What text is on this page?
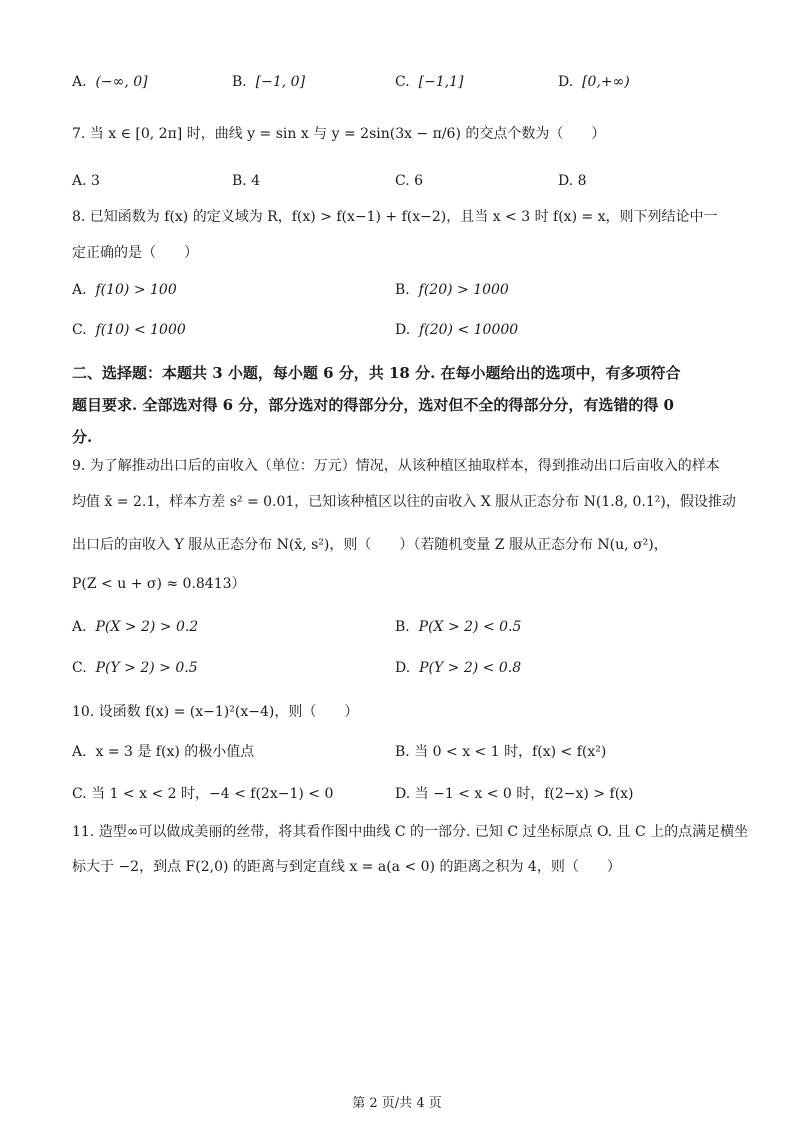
A. (−∞, 0]	B. [−1, 0]	C. [−1,1]	D. [0,+∞)
7. 当 x ∈ [0, 2π] 时，曲线 y = sin x 与 y = 2sin(3x − π/6) 的交点个数为（　　）
A. 3	B. 4	C. 6	D. 8
8. 已知函数为 f(x) 的定义域为 R，f(x) > f(x−1) + f(x−2)，且当 x < 3 时 f(x) = x，则下列结论中一
定正确的是（　　）
A. f(10) > 100	B. f(20) > 1000
C. f(10) < 1000	D. f(20) < 10000
二、选择题：本题共 3 小题，每小题 6 分，共 18 分. 在每小题给出的选项中，有多项符合
题目要求. 全部选对得 6 分，部分选对的得部分分，选对但不全的得部分分，有选错的得 0
分.
9. 为了解推动出口后的亩收入（单位：万元）情况，从该种植区抽取样本，得到推动出口后亩收入的样本
均值 x̄ = 2.1，样本方差 s² = 0.01，已知该种植区以往的亩收入 X 服从正态分布 N(1.8, 0.1²)，假设推动
出口后的亩收入 Y 服从正态分布 N(x̄, s²)，则（　　）（若随机变量 Z 服从正态分布 N(u, σ²)，
P(Z < u + σ) ≈ 0.8413）
A. P(X > 2) > 0.2	B. P(X > 2) < 0.5
C. P(Y > 2) > 0.5	D. P(Y > 2) < 0.8
10. 设函数 f(x) = (x−1)²(x−4)，则（　　）
A. x = 3 是 f(x) 的极小值点	B. 当 0 < x < 1 时，f(x) < f(x²)
C. 当 1 < x < 2 时，−4 < f(2x−1) < 0	D. 当 −1 < x < 0 时，f(2−x) > f(x)
11. 造型∞可以做成美丽的丝带，将其看作图中曲线 C 的一部分. 已知 C 过坐标原点 O. 且 C 上的点满足横坐
标大于 −2，到点 F(2,0) 的距离与到定直线 x = a(a < 0) 的距离之积为 4，则（　　）
第 2 页/共 4 页
